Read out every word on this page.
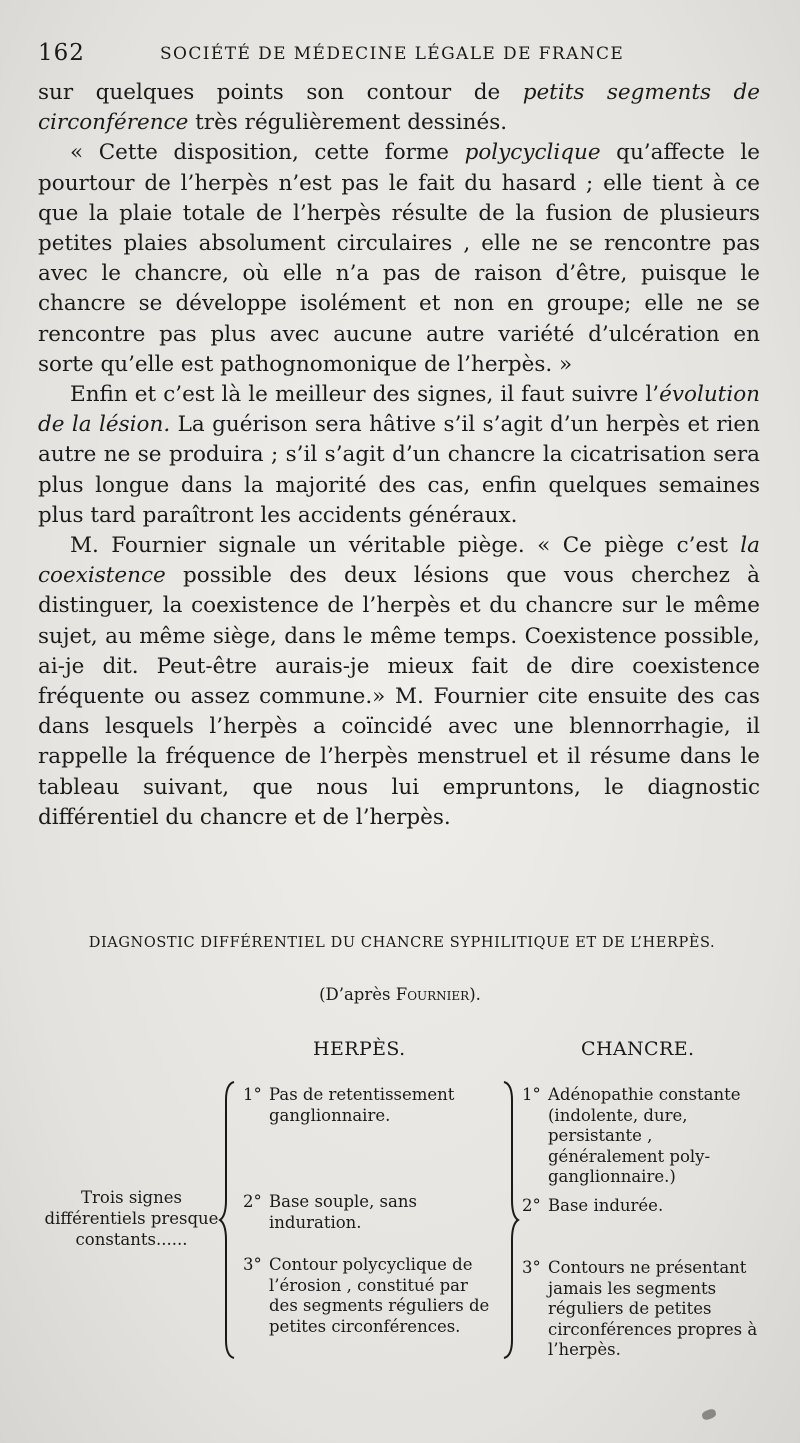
162	SOCIÉTÉ DE MÉDECINE LÉGALE DE FRANCE

sur quelques points son contour de petits segments de circonférence très régulièrement dessinés.

« Cette disposition, cette forme polycyclique qu’affecte le pourtour de l’herpès n’est pas le fait du hasard ; elle tient à ce que la plaie totale de l’herpès résulte de la fusion de plusieurs petites plaies absolument circulaires , elle ne se rencontre pas avec le chancre, où elle n’a pas de raison d’être, puisque le chancre se développe isolément et non en groupe; elle ne se rencontre pas plus avec aucune autre variété d’ulcération en sorte qu’elle est pathognomonique de l’herpès. »

Enfin et c’est là le meilleur des signes, il faut suivre l’évolution de la lésion. La guérison sera hâtive s’il s’agit d’un herpès et rien autre ne se produira ; s’il s’agit d’un chancre la cicatrisation sera plus longue dans la majorité des cas, enfin quelques semaines plus tard paraîtront les accidents généraux.

M. Fournier signale un véritable piège. « Ce piège c’est la coexistence possible des deux lésions que vous cherchez à distinguer, la coexistence de l’herpès et du chancre sur le même sujet, au même siège, dans le même temps. Coexistence possible, ai-je dit. Peut-être aurais-je mieux fait de dire coexistence fréquente ou assez commune.» M. Fournier cite ensuite des cas dans lesquels l’herpès a coïncidé avec une blennorrhagie, il rappelle la fréquence de l’herpès menstruel et il résume dans le tableau suivant, que nous lui empruntons, le diagnostic différentiel du chancre et de l’herpès.

DIAGNOSTIC DIFFÉRENTIEL DU CHANCRE SYPHILITIQUE ET DE L’HERPÈS.
(D’après Fournier).
HERPÈS.	CHANCRE.
Trois signes différentiels presque constants......
1° Pas de retentissement ganglionnaire.
2° Base souple, sans induration.
3° Contour polycyclique de l’érosion , constitué par des segments réguliers de petites circonférences.
1° Adénopathie constante (indolente, dure, persistante , généralement poly-ganglionnaire.)
2° Base indurée.
3° Contours ne présentant jamais les segments réguliers de petites circonférences propres à l’herpès.
